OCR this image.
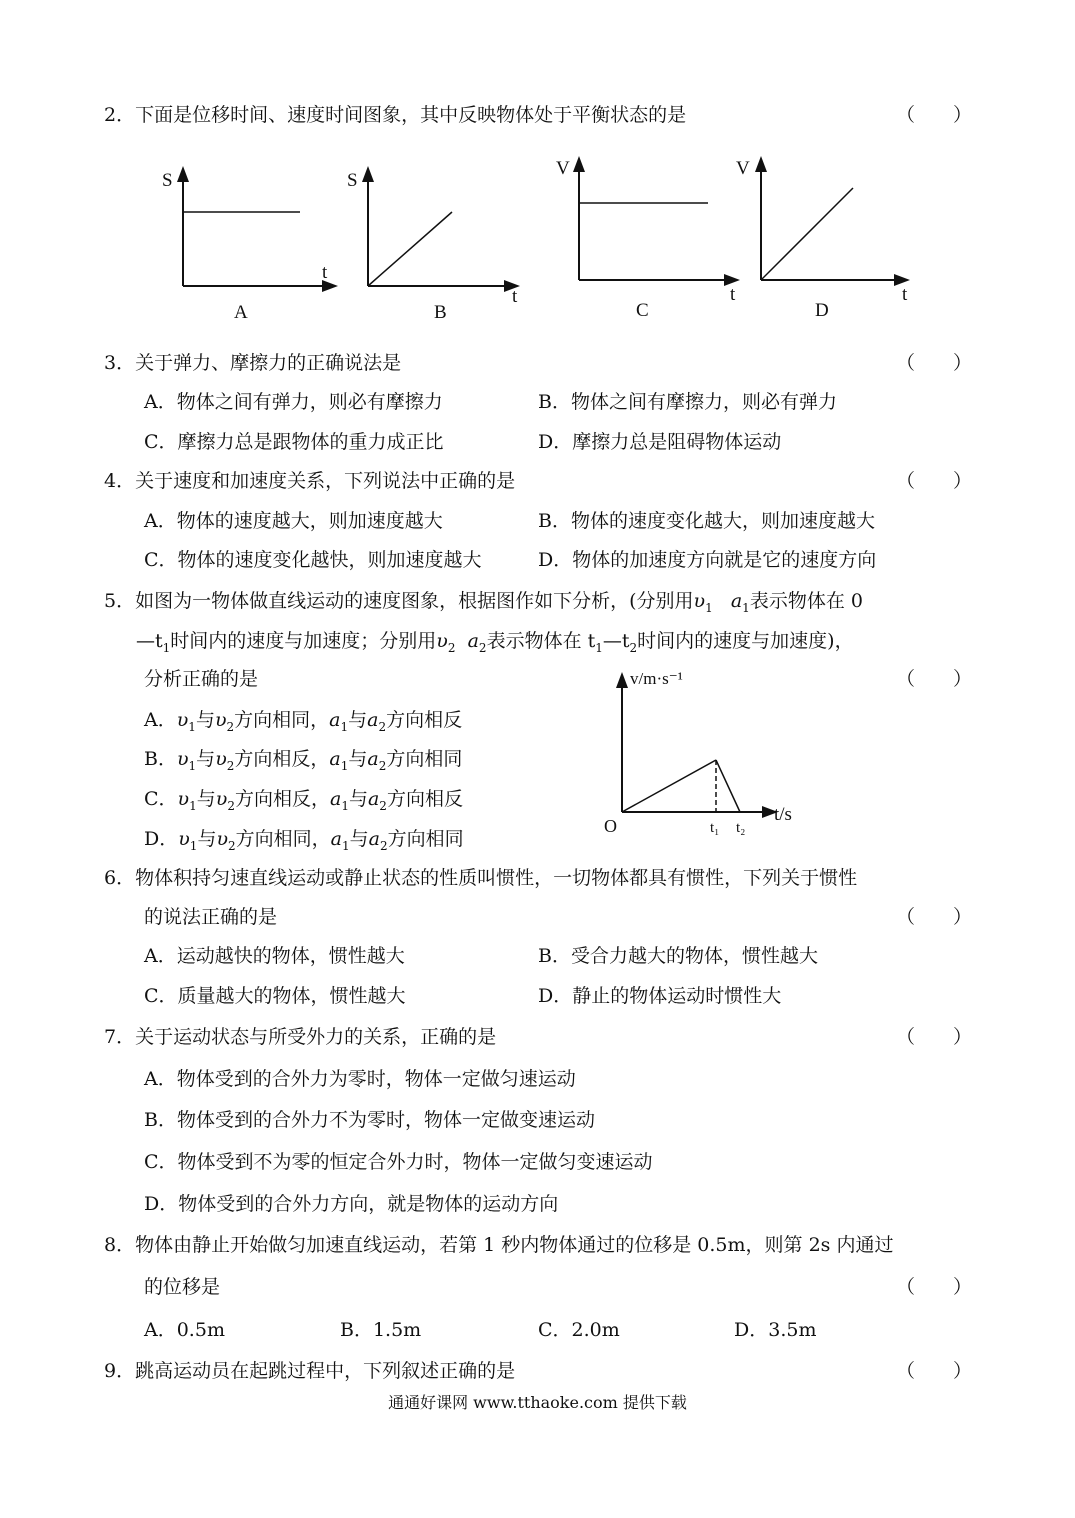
2．下面是位移时间、速度时间图象，其中反映物体处于平衡状态的是	（　　）
S
t
A
S
t
B
V
t
C
V
t
D
3．关于弹力、摩擦力的正确说法是	（　　）
A．物体之间有弹力，则必有摩擦力	B．物体之间有摩擦力，则必有弹力
C．摩擦力总是跟物体的重力成正比	D．摩擦力总是阻碍物体运动
4．关于速度和加速度关系，下列说法中正确的是	（　　）
A．物体的速度越大，则加速度越大	B．物体的速度变化越大，则加速度越大
C．物体的速度变化越快，则加速度越大	D．物体的加速度方向就是它的速度方向
5．如图为一物体做直线运动的速度图象，根据图作如下分析，(分别用$\upsilon_1$ $a_1$表示物体在 0
$—t_1$时间内的速度与加速度；分别用$\upsilon_2$ $a_2$表示物体在 $t_1—t_2$时间内的速度与加速度)，
分析正确的是	（　　）
A．$\upsilon_1$与$\upsilon_2$方向相同，$a_1$与$a_2$方向相反
B．$\upsilon_1$与$\upsilon_2$方向相反，$a_1$与$a_2$方向相同
C．$\upsilon_1$与$\upsilon_2$方向相反，$a_1$与$a_2$方向相反
D．$\upsilon_1$与$\upsilon_2$方向相同，$a_1$与$a_2$方向相同
v/m·s⁻¹
t/s
O	t₁ t₂
6．物体积持匀速直线运动或静止状态的性质叫惯性，一切物体都具有惯性，下列关于惯性
的说法正确的是	（　　）
A．运动越快的物体，惯性越大	B．受合力越大的物体，惯性越大
C．质量越大的物体，惯性越大	D．静止的物体运动时惯性大
7．关于运动状态与所受外力的关系，正确的是	（　　）
A．物体受到的合外力为零时，物体一定做匀速运动
B．物体受到的合外力不为零时，物体一定做变速运动
C．物体受到不为零的恒定合外力时，物体一定做匀变速运动
D．物体受到的合外力方向，就是物体的运动方向
8．物体由静止开始做匀加速直线运动，若第 1 秒内物体通过的位移是 0.5m，则第 2s 内通过
的位移是	（　　）
A．0.5m	B．1.5m	C．2.0m	D．3.5m
9．跳高运动员在起跳过程中，下列叙述正确的是	（　　）
通通好课网 www.tthaoke.com 提供下载
